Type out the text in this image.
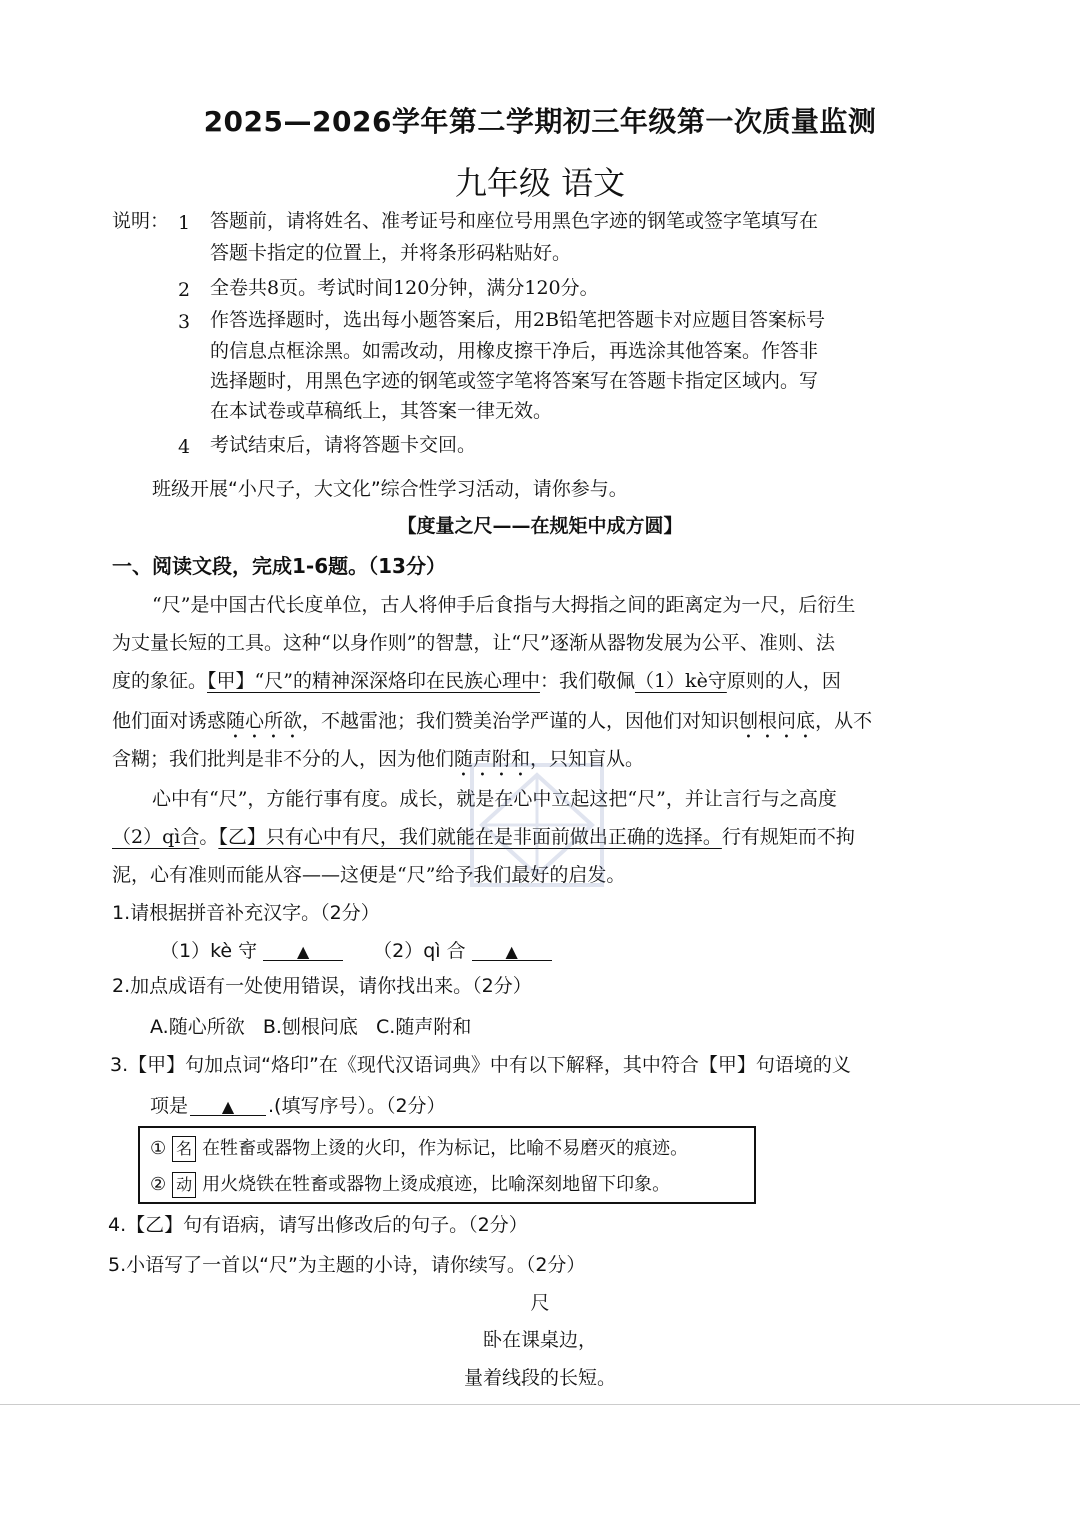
2025—2026学年第二学期初三年级第一次质量监测
九年级 语文
说明： 1 答题前，请将姓名、准考证号和座位号用黑色字迹的钢笔或签字笔填写在
答题卡指定的位置上，并将条形码粘贴好。
2 全卷共8页。考试时间120分钟，满分120分。
3 作答选择题时，选出每小题答案后，用2B铅笔把答题卡对应题目答案标号
的信息点框涂黑。如需改动，用橡皮擦干净后，再选涂其他答案。作答非
选择题时，用黑色字迹的钢笔或签字笔将答案写在答题卡指定区域内。写
在本试卷或草稿纸上，其答案一律无效。
4 考试结束后，请将答题卡交回。
班级开展“小尺子，大文化”综合性学习活动，请你参与。
【度量之尺——在规矩中成方圆】
一、阅读文段，完成1-6题。（13分）
“尺”是中国古代长度单位，古人将伸手后食指与大拇指之间的距离定为一尺，后衍生
为丈量长短的工具。这种“以身作则”的智慧，让“尺”逐渐从器物发展为公平、准则、法
度的象征。【甲】“尺”的精神深深烙印在民族心理中：我们敬佩（1）kè守原则的人，因
他们面对诱惑随心所欲，不越雷池；我们赞美治学严谨的人，因他们对知识刨根问底，从不
含糊；我们批判是非不分的人，因为他们随声附和，只知盲从。
心中有“尺”，方能行事有度。成长，就是在心中立起这把“尺”，并让言行与之高度
（2）qì合。【乙】只有心中有尺，我们就能在是非面前做出正确的选择。行有规矩而不拘
泥，心有准则而能从容——这便是“尺”给予我们最好的启发。
1.请根据拼音补充汉字。（2分）
（1）kè 守 ▲	（2）qì 合 ▲
2.加点成语有一处使用错误，请你找出来。（2分）
A.随心所欲   B.刨根问底   C.随声附和
3.【甲】句加点词“烙印”在《现代汉语词典》中有以下解释，其中符合【甲】句语境的义
项是 ▲ .(填写序号）。（2分）
① 名 在牲畜或器物上烫的火印，作为标记，比喻不易磨灭的痕迹。
② 动 用火烧铁在牲畜或器物上烫成痕迹，比喻深刻地留下印象。
4.【乙】句有语病，请写出修改后的句子。（2分）
5.小语写了一首以“尺”为主题的小诗，请你续写。（2分）
尺
卧在课桌边，
量着线段的长短。
